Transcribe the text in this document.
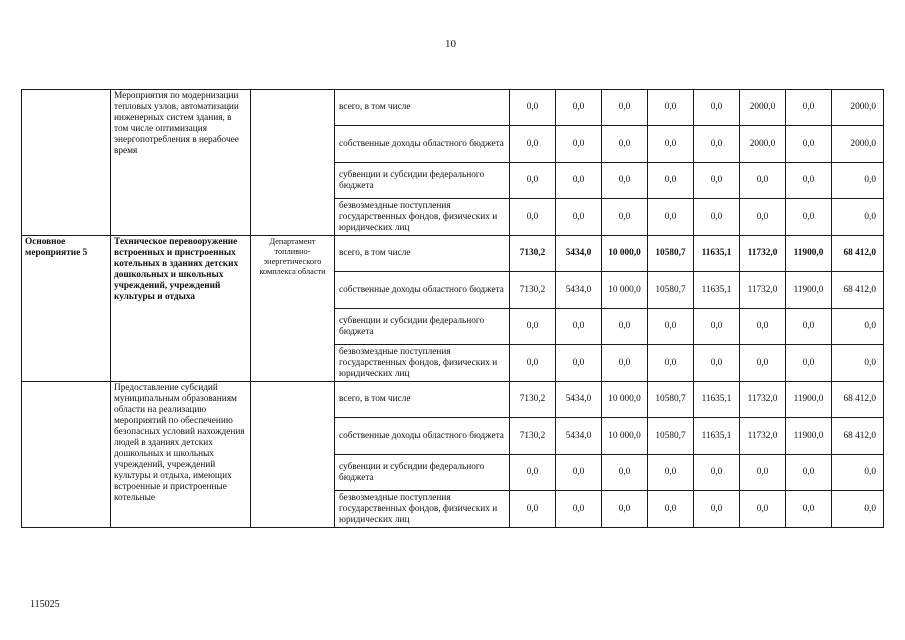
10
	Мероприятия по модернизации тепловых узлов, автоматизации инженерных систем здания, в том числе оптимизация энергопотребления в нерабочее время		всего, в том числе	0,0	0,0	0,0	0,0	0,0	2000,0	0,0	2000,0
			собственные доходы областного бюджета	0,0	0,0	0,0	0,0	0,0	2000,0	0,0	2000,0
			субвенции и субсидии федерального бюджета	0,0	0,0	0,0	0,0	0,0	0,0	0,0	0,0
			безвозмездные поступления государственных фондов, физических и юридических лиц	0,0	0,0	0,0	0,0	0,0	0,0	0,0	0,0
Основное мероприятие 5	Техническое перевооружение встроенных и пристроенных котельных в зданиях детских дошкольных и школьных учреждений, учреждений культуры и отдыха	Департамент топливно-энергетического комплекса области	всего, в том числе	7130,2	5434,0	10 000,0	10580,7	11635,1	11732,0	11900,0	68 412,0
			собственные доходы областного бюджета	7130,2	5434,0	10 000,0	10580,7	11635,1	11732,0	11900,0	68 412,0
			субвенции и субсидии федерального бюджета	0,0	0,0	0,0	0,0	0,0	0,0	0,0	0,0
			безвозмездные поступления государственных фондов, физических и юридических лиц	0,0	0,0	0,0	0,0	0,0	0,0	0,0	0,0
	Предоставление субсидий муниципальным образованиям области на реализацию мероприятий по обеспечению безопасных условий нахождения людей в зданиях детских дошкольных и школьных учреждений, учреждений культуры и отдыха, имеющих встроенные и пристроенные котельные		всего, в том числе	7130,2	5434,0	10 000,0	10580,7	11635,1	11732,0	11900,0	68 412,0
			собственные доходы областного бюджета	7130,2	5434,0	10 000,0	10580,7	11635,1	11732,0	11900,0	68 412,0
			субвенции и субсидии федерального бюджета	0,0	0,0	0,0	0,0	0,0	0,0	0,0	0,0
			безвозмездные поступления государственных фондов, физических и юридических лиц	0,0	0,0	0,0	0,0	0,0	0,0	0,0	0,0
115025
